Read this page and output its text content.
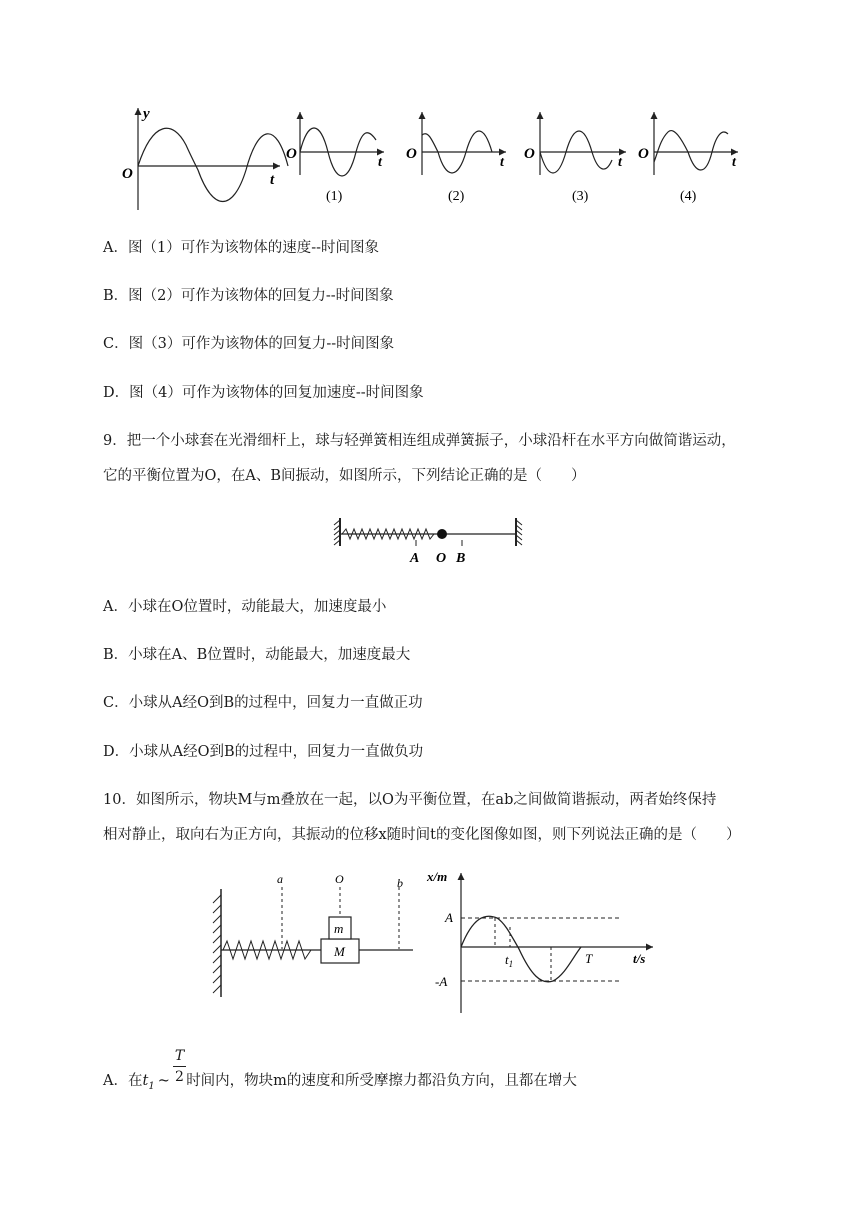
y
O	t
O
t
(1)
O
t
(2)
O
t
(3)
O
t
(4)
A．图（1）可作为该物体的速度--时间图象
B．图（2）可作为该物体的回复力--时间图象
C．图（3）可作为该物体的回复力--时间图象
D．图（4）可作为该物体的回复加速度--时间图象
9．把一个小球套在光滑细杆上，球与轻弹簧相连组成弹簧振子，小球沿杆在水平方向做简谐运动，
它的平衡位置为O，在A、B间振动，如图所示，下列结论正确的是（　　）
A O B
A．小球在O位置时，动能最大，加速度最小
B．小球在A、B位置时，动能最大，加速度最大
C．小球从A经O到B的过程中，回复力一直做正功
D．小球从A经O到B的过程中，回复力一直做负功
10．如图所示，物块M与m叠放在一起，以O为平衡位置，在ab之间做简谐振动，两者始终保持
相对静止，取向右为正方向，其振动的位移x随时间t的变化图像如图，则下列说法正确的是（　　）
M
m
a	O	b x/m
A
-A
$t_1$	T	t/s
A．在$t_1$ ~ $\frac{T}{2}$ 时间内，物块m的速度和所受摩擦力都沿负方向，且都在增大
